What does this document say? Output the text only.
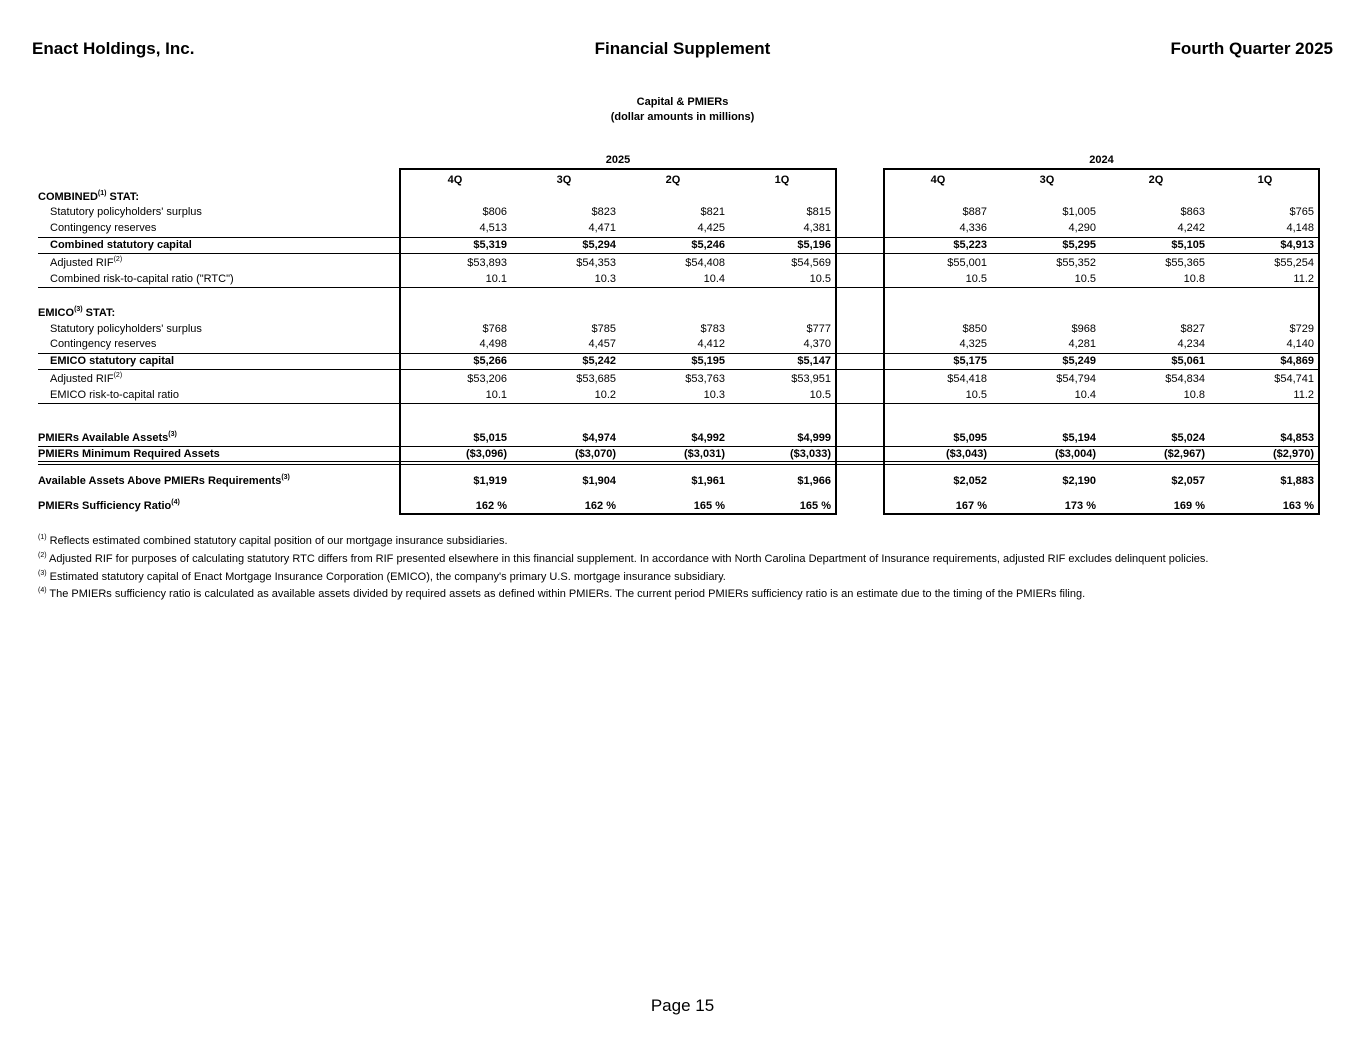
Enact Holdings, Inc.	Financial Supplement	Fourth Quarter 2025
Capital & PMIERs
(dollar amounts in millions)
2025	2024
4Q	3Q	2Q	1Q	4Q	3Q	2Q	1Q
COMBINED$^{(1)}$ STAT:
Statutory policyholders' surplus	$806	$823	$821	$815	$887	$1,005	$863	$765
Contingency reserves	4,513	4,471	4,425	4,381	4,336	4,290	4,242	4,148
Combined statutory capital	$5,319	$5,294	$5,246	$5,196	$5,223	$5,295	$5,105	$4,913
Adjusted RIF$^{(2)}$	$53,893	$54,353	$54,408	$54,569	$55,001	$55,352	$55,365	$55,254
Combined risk-to-capital ratio ("RTC")	10.1	10.3	10.4	10.5	10.5	10.5	10.8	11.2
EMICO$^{(3)}$ STAT:
Statutory policyholders' surplus	$768	$785	$783	$777	$850	$968	$827	$729
Contingency reserves	4,498	4,457	4,412	4,370	4,325	4,281	4,234	4,140
EMICO statutory capital	$5,266	$5,242	$5,195	$5,147	$5,175	$5,249	$5,061	$4,869
Adjusted RIF$^{(2)}$	$53,206	$53,685	$53,763	$53,951	$54,418	$54,794	$54,834	$54,741
EMICO risk-to-capital ratio	10.1	10.2	10.3	10.5	10.5	10.4	10.8	11.2
PMIERs Available Assets$^{(3)}$	$5,015	$4,974	$4,992	$4,999	$5,095	$5,194	$5,024	$4,853
PMIERs Minimum Required Assets	($3,096)	($3,070)	($3,031)	($3,033)	($3,043)	($3,004)	($2,967)	($2,970)
Available Assets Above PMIERs Requirements$^{(3)}$	$1,919	$1,904	$1,961	$1,966	$2,052	$2,190	$2,057	$1,883
PMIERs Sufficiency Ratio$^{(4)}$	162 %	162 %	165 %	165 %	167 %	173 %	169 %	163 %
$^{(1)}$ Reflects estimated combined statutory capital position of our mortgage insurance subsidiaries.
$^{(2)}$ Adjusted RIF for purposes of calculating statutory RTC differs from RIF presented elsewhere in this financial supplement. In accordance with North Carolina Department of Insurance requirements, adjusted RIF excludes delinquent policies.
$^{(3)}$ Estimated statutory capital of Enact Mortgage Insurance Corporation (EMICO), the company's primary U.S. mortgage insurance subsidiary.
$^{(4)}$ The PMIERs sufficiency ratio is calculated as available assets divided by required assets as defined within PMIERs. The current period PMIERs sufficiency ratio is an estimate due to the timing of the PMIERs filing.
Page 15
